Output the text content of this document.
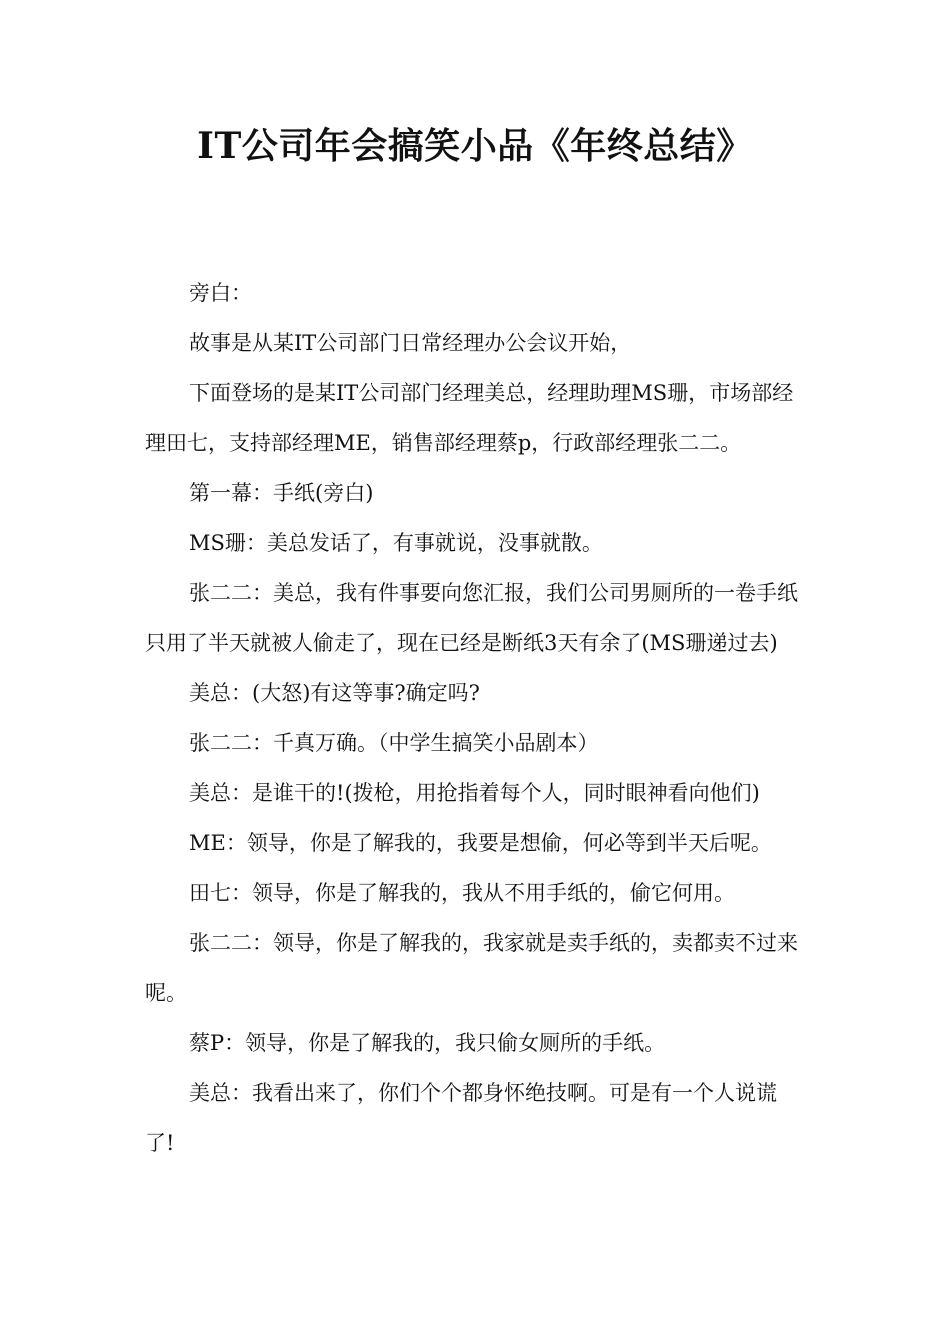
IT公司年会搞笑小品《年终总结》

旁白：

故事是从某IT公司部门日常经理办公会议开始，

下面登场的是某IT公司部门经理美总，经理助理MS珊，市场部经理田七，支持部经理ME，销售部经理蔡p，行政部经理张二二。

第一幕：手纸(旁白)

MS珊：美总发话了，有事就说，没事就散。

张二二：美总，我有件事要向您汇报，我们公司男厕所的一卷手纸只用了半天就被人偷走了，现在已经是断纸3天有余了(MS珊递过去)

美总：(大怒)有这等事?确定吗?

张二二：千真万确。（中学生搞笑小品剧本）

美总：是谁干的!(拨枪，用抢指着每个人，同时眼神看向他们)

ME：领导，你是了解我的，我要是想偷，何必等到半天后呢。

田七：领导，你是了解我的，我从不用手纸的，偷它何用。

张二二：领导，你是了解我的，我家就是卖手纸的，卖都卖不过来呢。

蔡P：领导，你是了解我的，我只偷女厕所的手纸。

美总：我看出来了，你们个个都身怀绝技啊。可是有一个人说谎了!
